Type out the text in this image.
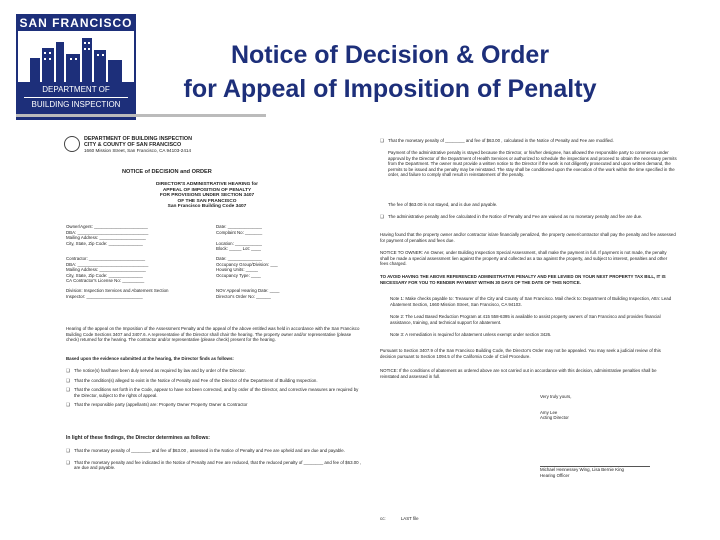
SAN FRANCISCO
DEPARTMENT OF
BUILDING INSPECTION
Notice of Decision & Order
for Appeal of Imposition of Penalty
DEPARTMENT OF BUILDING INSPECTION
CITY & COUNTY OF SAN FRANCISCO
1660 Mission Street, San Francisco, CA 94103-2414
NOTICE of DECISION and ORDER
DIRECTOR'S ADMINISTRATIVE HEARING for
APPEAL OF IMPOSITION OF PENALTY
FOR PROVISIONS UNDER SECTION 3407
OF THE SAN FRANCISCO
San Francisco Building Code 3407
Owner/Agent: ______________________	Date: ______________
DBA: _____________________________	Complaint No: _______
Mailing Address: ___________________
City, State, Zip Code: ______________	Location: ___________
Block: _____ Lot: ____
Contractor: _______________________	Date: ______________
DBA: _____________________________	Occupancy Group/Division: ___
Mailing Address: ___________________	Housing Units: _____
City, State, Zip Code: ______________	Occupancy Type: ____
CA Contractor's License No: _________
Division: Inspection Services and Abatement Section	NOV Appeal Hearing Date: ____
Inspector: _______________________	Director's Order No: ______
Hearing of the appeal on the Imposition of the Assessment Penalty and the appeal of the above entitled was held in accordance with the San Francisco Building Code Sections 3407 and 3407.6. A representative of the Director shall chair the hearing. The property owner and/or representative (please check) returned for the hearing. The contractor and/or representative (please check) present for the hearing.
Based upon the evidence submitted at the hearing, the Director finds as follows:
❑ The notice(s) has/have been duly served as required by law and by order of the Director.
❑ That the condition(s) alleged to exist in the Notice of Penalty and Fee of the Director of the Department of Building Inspection.
❑ That the conditions set forth in the Code, appear to have not been corrected, and by order of the Director, and corrective measures are required by the Director, subject to the rights of appeal.
❑ That the responsible party (appellants) are: Property Owner Property Owner & Contractor
In light of these findings, the Director determines as follows:
❑ That the monetary penalty of ________ and fee of $63.00 , assessed in the Notice of Penalty and Fee are upheld and are due and payable.
❑ That the monetary penalty and fee indicated in the Notice of Penalty and Fee are reduced, that the reduced penalty of ________ and fee of $63.00 , are due and payable.
❑ That the monetary penalty of ________ and fee of $63.00 , calculated in the Notice of Penalty and Fee are modified.
Payment of the administrative penalty is stayed because the Director, or his/her designee, has allowed the responsible party to commence under approval by the Director of the Department of Health Services or authorized to schedule the inspections and proceed to obtain the necessary permits from the Department. The owner must provide a written notice to the Director if the work is not diligently prosecuted and upon written demand, the permits to be issued and the penalty may be reinstated. The stay shall be conditioned upon the execution of the work within the time specified in the order, and failure to comply shall result in reinstatement of the penalty.
The fee of $63.00 is not stayed, and is due and payable.
❑ The administrative penalty and fee calculated in the Notice of Penalty and Fee are waived as no monetary penalty and fee are due.
Having found that the property owner and/or contractor is/are financially penalized, the property owner/contractor shall pay the penalty and fee assessed for payment of penalties and fees due.
NOTICE TO OWNER: An Owner, under Building Inspection Special Assessment, shall make the payment in full. If payment is not made, the penalty shall be made a special assessment lien against the property and collected as a tax against the property, and subject to interest, penalties and other fees charged.
TO AVOID HAVING THE ABOVE REFERENCED ADMINISTRATIVE PENALTY AND FEE LEVIED ON YOUR NEXT PROPERTY TAX BILL, IT IS NECESSARY FOR YOU TO RENDER PAYMENT WITHIN 30 DAYS OF THE DATE OF THIS NOTICE.
Note 1: Make checks payable to: Treasurer of the City and County of San Francisco. Mail check to: Department of Building Inspection, Attn: Lead Abatement Section, 1660 Mission Street, San Francisco, CA 94103.
Note 2: The Lead Based Reduction Program at 415 558-6395 is available to assist property owners of San Francisco and provides financial assistance, training, and technical support for abatement.
Note 3: A remediation is required for abatement unless exempt under section 3426.
Pursuant to Section 3407.9 of the San Francisco Building Code, the Director's Order may not be appealed. You may seek a judicial review of this decision pursuant to Section 1094.5 of the California Code of Civil Procedure.
NOTICE: If the conditions of abatement as ordered above are not carried out in accordance with this decision, administrative penalties shall be reinstated and assessed in full.
Very truly yours,
Amy Lee
Acting Director
Michael Hennessey Wing, Lisa Bernie King
Hearing Officer
cc:	LAST file
